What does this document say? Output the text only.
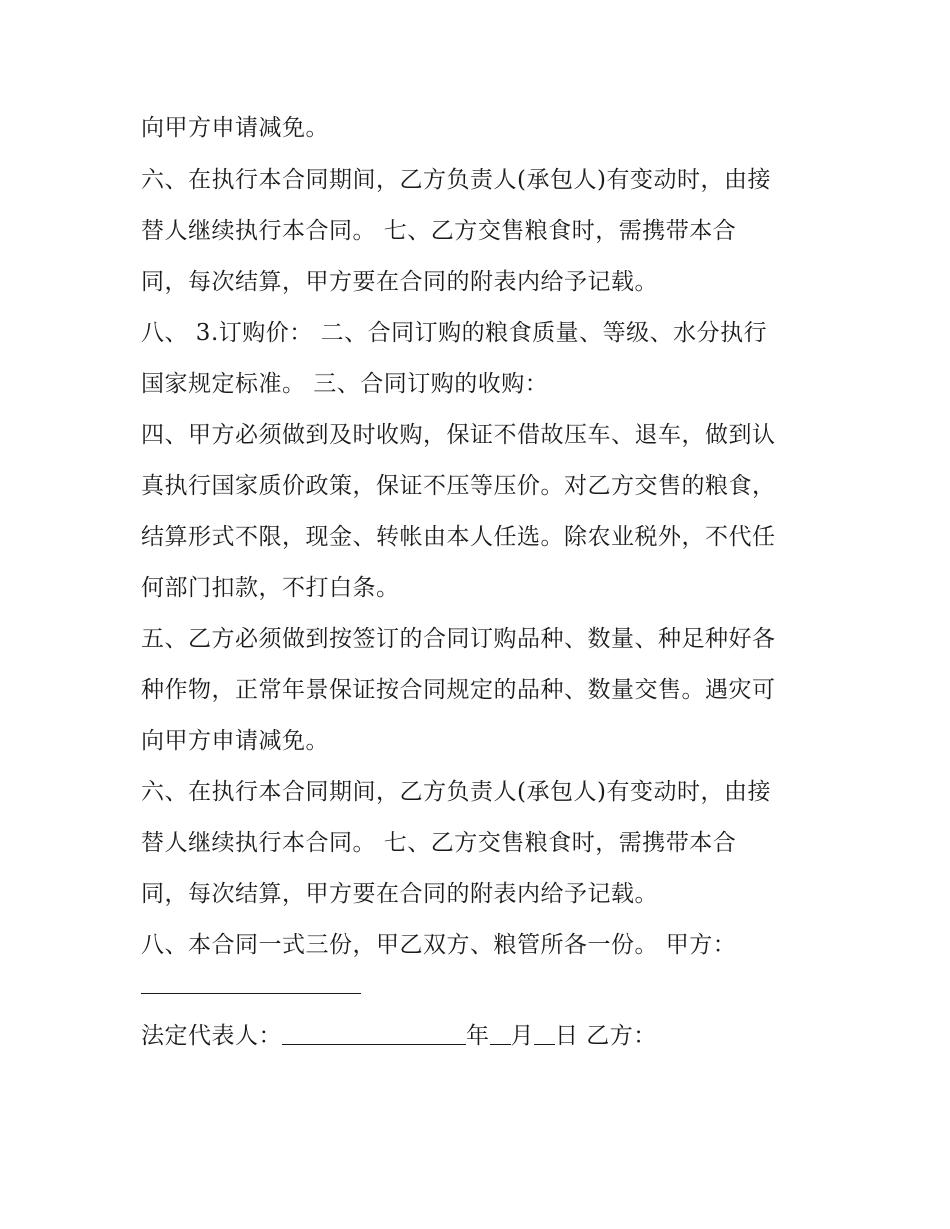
向甲方申请减免。
六、在执行本合同期间，乙方负责人(承包人)有变动时，由接
替人继续执行本合同。 七、乙方交售粮食时，需携带本合
同，每次结算，甲方要在合同的附表内给予记载。
八、 3.订购价： 二、合同订购的粮食质量、等级、水分执行
国家规定标准。 三、合同订购的收购：
四、甲方必须做到及时收购，保证不借故压车、退车，做到认
真执行国家质价政策，保证不压等压价。对乙方交售的粮食，
结算形式不限，现金、转帐由本人任选。除农业税外，不代任
何部门扣款，不打白条。
五、乙方必须做到按签订的合同订购品种、数量、种足种好各
种作物，正常年景保证按合同规定的品种、数量交售。遇灾可
向甲方申请减免。
六、在执行本合同期间，乙方负责人(承包人)有变动时，由接
替人继续执行本合同。 七、乙方交售粮食时，需携带本合
同，每次结算，甲方要在合同的附表内给予记载。
八、本合同一式三份，甲乙双方、粮管所各一份。 甲方：
法定代表人：	年 月 日 乙方：
